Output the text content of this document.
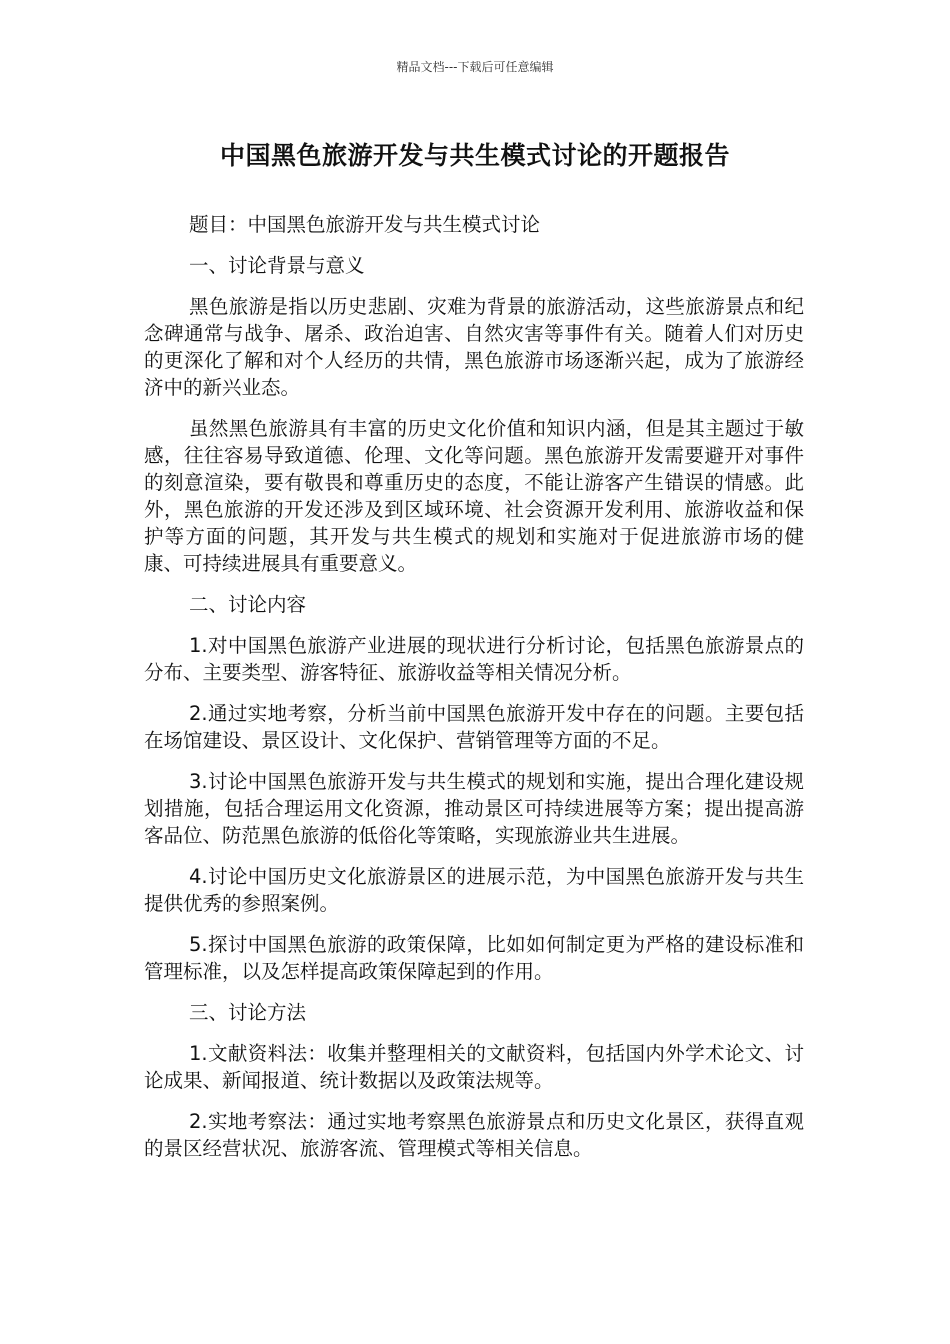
精品文档---下载后可任意编辑
中国黑色旅游开发与共生模式讨论的开题报告

题目：中国黑色旅游开发与共生模式讨论

一、讨论背景与意义

黑色旅游是指以历史悲剧、灾难为背景的旅游活动，这些旅游景点和纪念碑通常与战争、屠杀、政治迫害、自然灾害等事件有关。随着人们对历史的更深化了解和对个人经历的共情，黑色旅游市场逐渐兴起，成为了旅游经济中的新兴业态。

虽然黑色旅游具有丰富的历史文化价值和知识内涵，但是其主题过于敏感，往往容易导致道德、伦理、文化等问题。黑色旅游开发需要避开对事件的刻意渲染，要有敬畏和尊重历史的态度，不能让游客产生错误的情感。此外，黑色旅游的开发还涉及到区域环境、社会资源开发利用、旅游收益和保护等方面的问题，其开发与共生模式的规划和实施对于促进旅游市场的健康、可持续进展具有重要意义。

二、讨论内容

1.对中国黑色旅游产业进展的现状进行分析讨论，包括黑色旅游景点的分布、主要类型、游客特征、旅游收益等相关情况分析。

2.通过实地考察，分析当前中国黑色旅游开发中存在的问题。主要包括在场馆建设、景区设计、文化保护、营销管理等方面的不足。

3.讨论中国黑色旅游开发与共生模式的规划和实施，提出合理化建设规划措施，包括合理运用文化资源，推动景区可持续进展等方案；提出提高游客品位、防范黑色旅游的低俗化等策略，实现旅游业共生进展。

4.讨论中国历史文化旅游景区的进展示范，为中国黑色旅游开发与共生提供优秀的参照案例。

5.探讨中国黑色旅游的政策保障，比如如何制定更为严格的建设标准和管理标准，以及怎样提高政策保障起到的作用。

三、讨论方法

1.文献资料法：收集并整理相关的文献资料，包括国内外学术论文、讨论成果、新闻报道、统计数据以及政策法规等。

2.实地考察法：通过实地考察黑色旅游景点和历史文化景区，获得直观的景区经营状况、旅游客流、管理模式等相关信息。
